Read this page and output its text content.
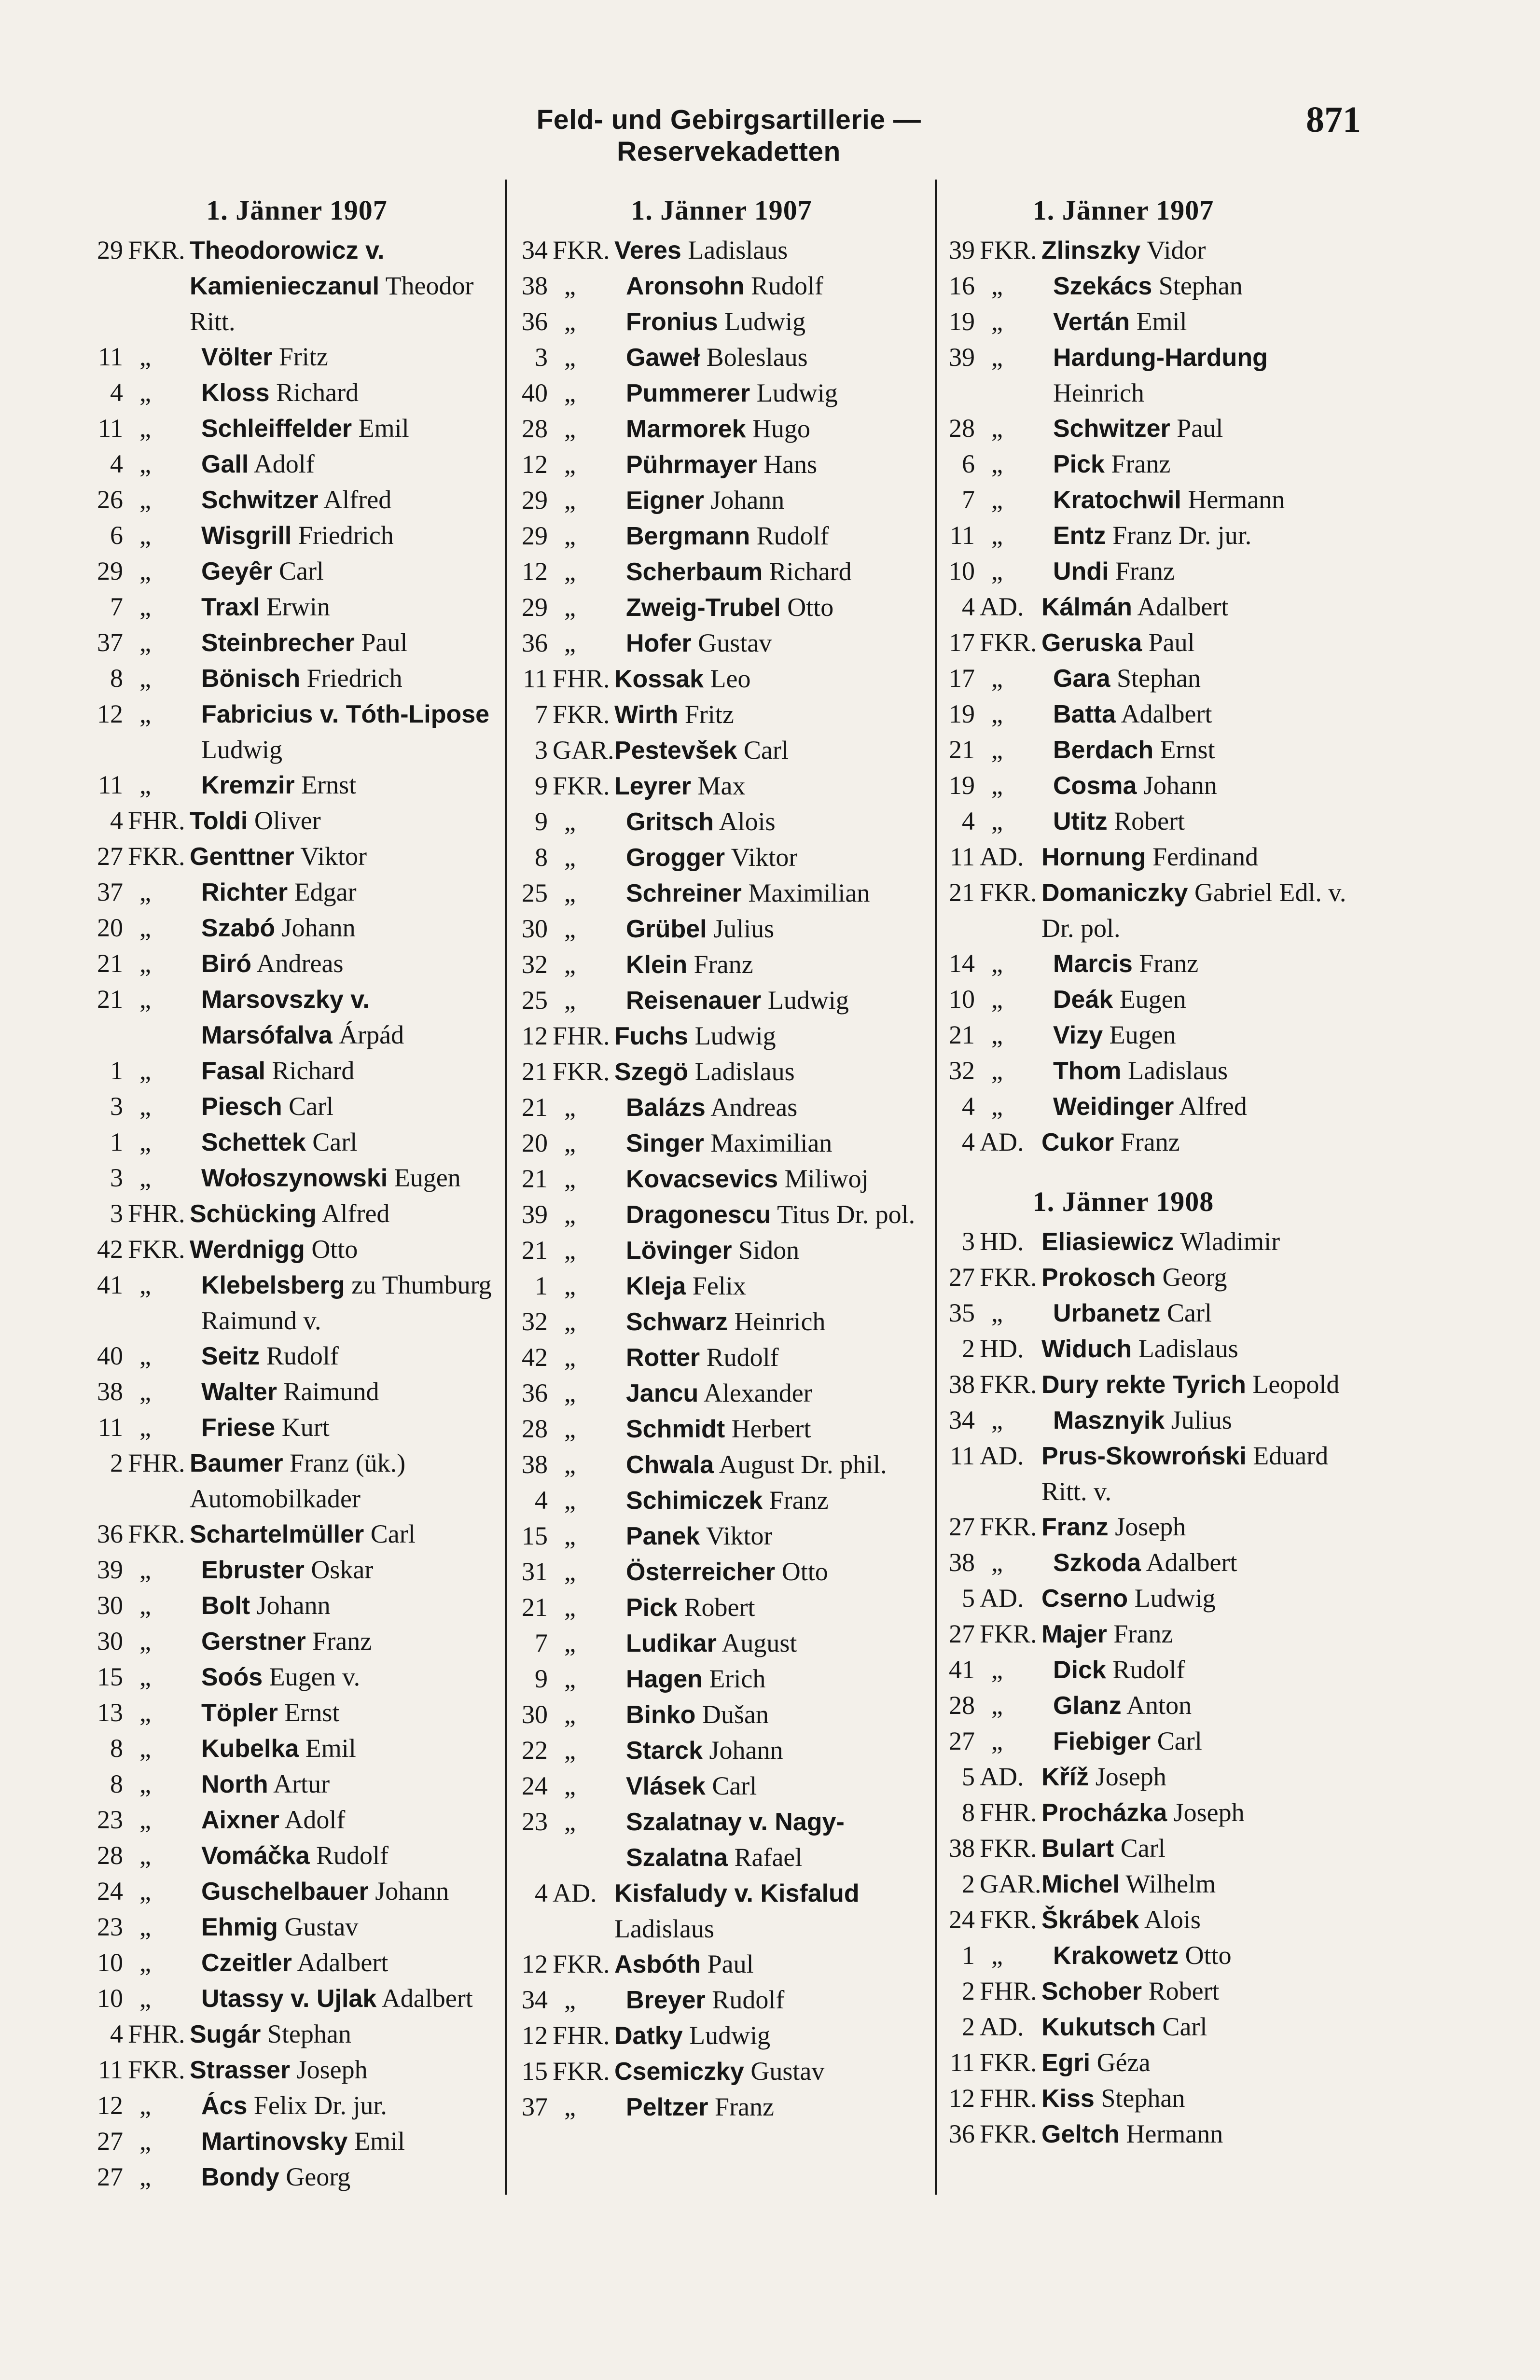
Feld- und Gebirgsartillerie — Reservekadetten
871
1. Jänner 1907
29 FKR. Theodorowicz v. Kamienieczanul Theodor Ritt.
11 „	Völter Fritz
4 „	Kloss Richard
11 „	Schleiffelder Emil
4 „	Gall Adolf
26 „	Schwitzer Alfred
6 „	Wisgrill Friedrich
29 „	Geyêr Carl
7 „	Traxl Erwin
37 „	Steinbrecher Paul
8 „	Bönisch Friedrich
12 „	Fabricius v. Tóth-Lipose Ludwig
11 „	Kremzir Ernst
4 FHR. Toldi Oliver
27 FKR. Genttner Viktor
37 „	Richter Edgar
20 „	Szabó Johann
21 „	Biró Andreas
21 „	Marsovszky v. Marsófalva Árpád
1 „	Fasal Richard
3 „	Piesch Carl
1 „	Schettek Carl
3 „	Wołoszynowski Eugen
3 FHR. Schücking Alfred
42 FKR. Werdnigg Otto
41 „	Klebelsberg zu Thumburg Raimund v.
40 „	Seitz Rudolf
38 „	Walter Raimund
11 „	Friese Kurt
2 FHR. Baumer Franz (ük.) Automobilkader
36 FKR. Schartelmüller Carl
39 „	Ebruster Oskar
30 „	Bolt Johann
30 „	Gerstner Franz
15 „	Soós Eugen v.
13 „	Töpler Ernst
8 „	Kubelka Emil
8 „	North Artur
23 „	Aixner Adolf
28 „	Vomáčka Rudolf
24 „	Guschelbauer Johann
23 „	Ehmig Gustav
10 „	Czeitler Adalbert
10 „	Utassy v. Ujlak Adalbert
4 FHR. Sugár Stephan
11 FKR. Strasser Joseph
12 „	Ács Felix Dr. jur.
27 „	Martinovsky Emil
27 „	Bondy Georg
1. Jänner 1907
34 FKR. Veres Ladislaus
38 „	Aronsohn Rudolf
36 „	Fronius Ludwig
3 „	Gaweł Boleslaus
40 „	Pummerer Ludwig
28 „	Marmorek Hugo
12 „	Pührmayer Hans
29 „	Eigner Johann
29 „	Bergmann Rudolf
12 „	Scherbaum Richard
29 „	Zweig-Trubel Otto
36 „	Hofer Gustav
11 FHR. Kossak Leo
7 FKR. Wirth Fritz
3 GAR. Pestevšek Carl
9 FKR. Leyrer Max
9 „	Gritsch Alois
8 „	Grogger Viktor
25 „	Schreiner Maximilian
30 „	Grübel Julius
32 „	Klein Franz
25 „	Reisenauer Ludwig
12 FHR. Fuchs Ludwig
21 FKR. Szegö Ladislaus
21 „	Balázs Andreas
20 „	Singer Maximilian
21 „	Kovacsevics Miliwoj
39 „	Dragonescu Titus Dr. pol.
21 „	Lövinger Sidon
1 „	Kleja Felix
32 „	Schwarz Heinrich
42 „	Rotter Rudolf
36 „	Jancu Alexander
28 „	Schmidt Herbert
38 „	Chwala August Dr. phil.
4 „	Schimiczek Franz
15 „	Panek Viktor
31 „	Österreicher Otto
21 „	Pick Robert
7 „	Ludikar August
9 „	Hagen Erich
30 „	Binko Dušan
22 „	Starck Johann
24 „	Vlásek Carl
23 „	Szalatnay v. Nagy-Szalatna Rafael
4 AD. Kisfaludy v. Kisfalud Ladislaus
12 FKR. Asbóth Paul
34 „	Breyer Rudolf
12 FHR. Datky Ludwig
15 FKR. Csemiczky Gustav
37 „	Peltzer Franz
1. Jänner 1907
39 FKR. Zlinszky Vidor
16 „	Szekács Stephan
19 „	Vertán Emil
39 „	Hardung-Hardung Heinrich
28 „	Schwitzer Paul
6 „	Pick Franz
7 „	Kratochwil Hermann
11 „	Entz Franz Dr. jur.
10 „	Undi Franz
4 AD. Kálmán Adalbert
17 FKR. Geruska Paul
17 „	Gara Stephan
19 „	Batta Adalbert
21 „	Berdach Ernst
19 „	Cosma Johann
4 „	Utitz Robert
11 AD. Hornung Ferdinand
21 FKR. Domaniczky Gabriel Edl. v. Dr. pol.
14 „	Marcis Franz
10 „	Deák Eugen
21 „	Vizy Eugen
32 „	Thom Ladislaus
4 „	Weidinger Alfred
4 AD. Cukor Franz
1. Jänner 1908
3 HD. Eliasiewicz Wladimir
27 FKR. Prokosch Georg
35 „	Urbanetz Carl
2 HD. Widuch Ladislaus
38 FKR. Dury rekte Tyrich Leopold
34 „	Masznyik Julius
11 AD. Prus-Skowroński Eduard Ritt. v.
27 FKR. Franz Joseph
38 „	Szkoda Adalbert
5 AD. Cserno Ludwig
27 FKR. Majer Franz
41 „	Dick Rudolf
28 „	Glanz Anton
27 „	Fiebiger Carl
5 AD. Kříž Joseph
8 FHR. Procházka Joseph
38 FKR. Bulart Carl
2 GAR. Michel Wilhelm
24 FKR. Škrábek Alois
1 „	Krakowetz Otto
2 FHR. Schober Robert
2 AD. Kukutsch Carl
11 FKR. Egri Géza
12 FHR. Kiss Stephan
36 FKR. Geltch Hermann
